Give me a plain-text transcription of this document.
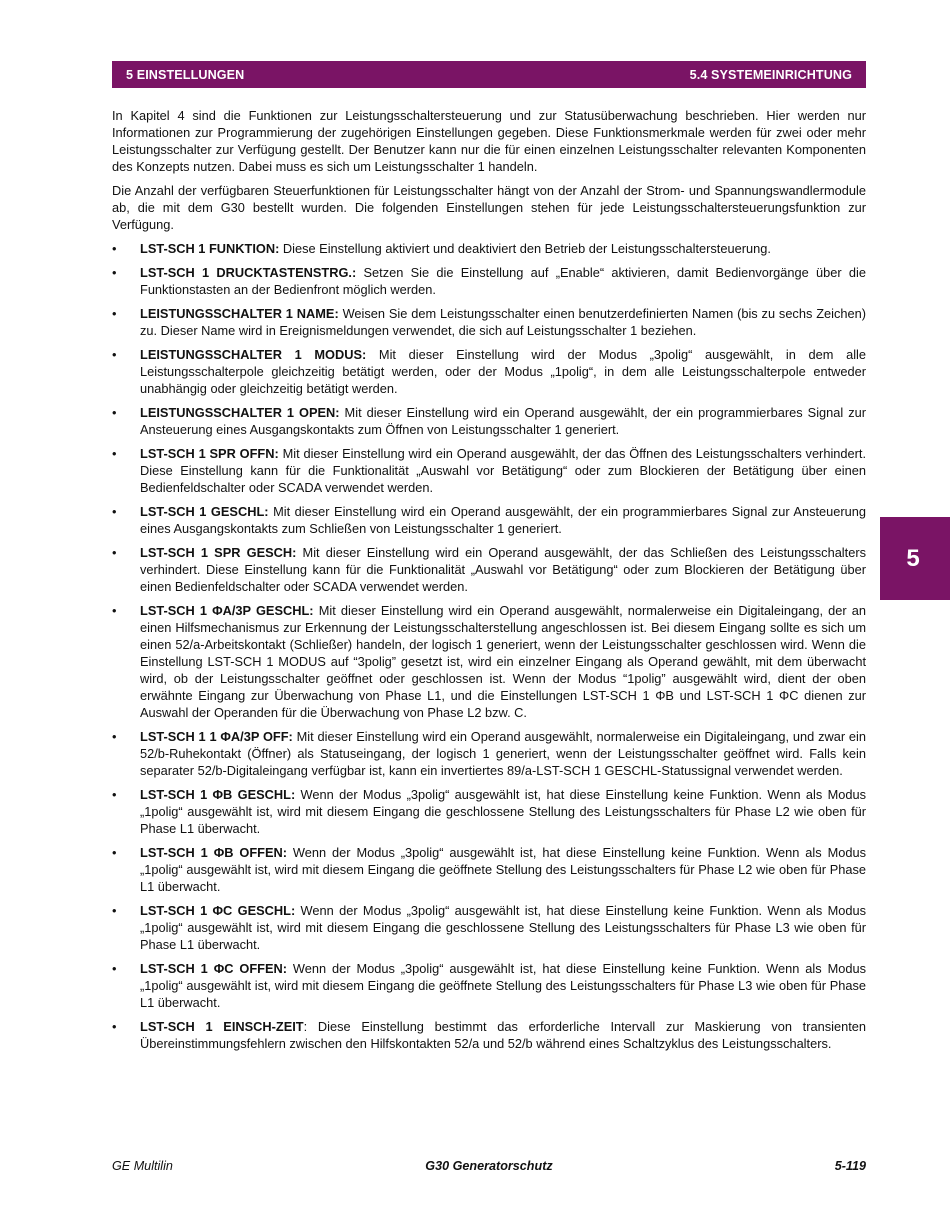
5 EINSTELLUNGEN	5.4 SYSTEMEINRICHTUNG
5

In Kapitel 4 sind die Funktionen zur Leistungsschaltersteuerung und zur Statusüberwachung beschrieben. Hier werden nur Informationen zur Programmierung der zugehörigen Einstellungen gegeben. Diese Funktionsmerkmale werden für zwei oder mehr Leistungsschalter zur Verfügung gestellt. Der Benutzer kann nur die für einen einzelnen Leistungsschalter relevanten Komponenten des Konzepts nutzen. Dabei muss es sich um Leistungsschalter 1 handeln.

Die Anzahl der verfügbaren Steuerfunktionen für Leistungsschalter hängt von der Anzahl der Strom- und Spannungswandlermodule ab, die mit dem G30 bestellt wurden. Die folgenden Einstellungen stehen für jede Leistungsschaltersteuerungsfunktion zur Verfügung.

• LST-SCH 1 FUNKTION: Diese Einstellung aktiviert und deaktiviert den Betrieb der Leistungsschaltersteuerung.
• LST-SCH 1 DRUCKTASTENSTRG.: Setzen Sie die Einstellung auf „Enable“ aktivieren, damit Bedienvorgänge über die Funktionstasten an der Bedienfront möglich werden.
• LEISTUNGSSCHALTER 1 NAME: Weisen Sie dem Leistungsschalter einen benutzerdefinierten Namen (bis zu sechs Zeichen) zu. Dieser Name wird in Ereignismeldungen verwendet, die sich auf Leistungsschalter 1 beziehen.
• LEISTUNGSSCHALTER 1 MODUS: Mit dieser Einstellung wird der Modus „3polig“ ausgewählt, in dem alle Leistungsschalterpole gleichzeitig betätigt werden, oder der Modus „1polig“, in dem alle Leistungsschalterpole entweder unabhängig oder gleichzeitig betätigt werden.
• LEISTUNGSSCHALTER 1 OPEN: Mit dieser Einstellung wird ein Operand ausgewählt, der ein programmierbares Signal zur Ansteuerung eines Ausgangskontakts zum Öffnen von Leistungsschalter 1 generiert.
• LST-SCH 1 SPR OFFN: Mit dieser Einstellung wird ein Operand ausgewählt, der das Öffnen des Leistungsschalters verhindert. Diese Einstellung kann für die Funktionalität „Auswahl vor Betätigung“ oder zum Blockieren der Betätigung über einen Bedienfeldschalter oder SCADA verwendet werden.
• LST-SCH 1 GESCHL: Mit dieser Einstellung wird ein Operand ausgewählt, der ein programmierbares Signal zur Ansteuerung eines Ausgangskontakts zum Schließen von Leistungsschalter 1 generiert.
• LST-SCH 1 SPR GESCH: Mit dieser Einstellung wird ein Operand ausgewählt, der das Schließen des Leistungsschalters verhindert. Diese Einstellung kann für die Funktionalität „Auswahl vor Betätigung“ oder zum Blockieren der Betätigung über einen Bedienfeldschalter oder SCADA verwendet werden.
• LST-SCH 1 ΦA/3P GESCHL: Mit dieser Einstellung wird ein Operand ausgewählt, normalerweise ein Digitaleingang, der an einen Hilfsmechanismus zur Erkennung der Leistungsschalterstellung angeschlossen ist. Bei diesem Eingang sollte es sich um einen 52/a-Arbeitskontakt (Schließer) handeln, der logisch 1 generiert, wenn der Leistungsschalter geschlossen wird. Wenn die Einstellung LST-SCH 1 MODUS auf “3polig” gesetzt ist, wird ein einzelner Eingang als Operand gewählt, mit dem überwacht wird, ob der Leistungsschalter geöffnet oder geschlossen ist. Wenn der Modus “1polig” ausgewählt wird, dient der oben erwähnte Eingang zur Überwachung von Phase L1, und die Einstellungen LST-SCH 1 ΦB und LST-SCH 1 ΦC dienen zur Auswahl der Operanden für die Überwachung von Phase L2 bzw. C.
• LST-SCH 1 1 ΦA/3P OFF: Mit dieser Einstellung wird ein Operand ausgewählt, normalerweise ein Digitaleingang, und zwar ein 52/b-Ruhekontakt (Öffner) als Statuseingang, der logisch 1 generiert, wenn der Leistungsschalter geöffnet wird. Falls kein separater 52/b-Digitaleingang verfügbar ist, kann ein invertiertes 89/a-LST-SCH 1 GESCHL-Statussignal verwendet werden.
• LST-SCH 1 ΦB GESCHL: Wenn der Modus „3polig“ ausgewählt ist, hat diese Einstellung keine Funktion. Wenn als Modus „1polig“ ausgewählt ist, wird mit diesem Eingang die geschlossene Stellung des Leistungsschalters für Phase L2 wie oben für Phase L1 überwacht.
• LST-SCH 1 ΦB OFFEN: Wenn der Modus „3polig“ ausgewählt ist, hat diese Einstellung keine Funktion. Wenn als Modus „1polig“ ausgewählt ist, wird mit diesem Eingang die geöffnete Stellung des Leistungsschalters für Phase L2 wie oben für Phase L1 überwacht.
• LST-SCH 1 ΦC GESCHL: Wenn der Modus „3polig“ ausgewählt ist, hat diese Einstellung keine Funktion. Wenn als Modus „1polig“ ausgewählt ist, wird mit diesem Eingang die geschlossene Stellung des Leistungsschalters für Phase L3 wie oben für Phase L1 überwacht.
• LST-SCH 1 ΦC OFFEN: Wenn der Modus „3polig“ ausgewählt ist, hat diese Einstellung keine Funktion. Wenn als Modus „1polig“ ausgewählt ist, wird mit diesem Eingang die geöffnete Stellung des Leistungsschalters für Phase L3 wie oben für Phase L1 überwacht.
• LST-SCH 1 EINSCH-ZEIT: Diese Einstellung bestimmt das erforderliche Intervall zur Maskierung von transienten Übereinstimmungsfehlern zwischen den Hilfskontakten 52/a und 52/b während eines Schaltzyklus des Leistungsschalters.
GE Multilin	G30 Generatorschutz	5-119
